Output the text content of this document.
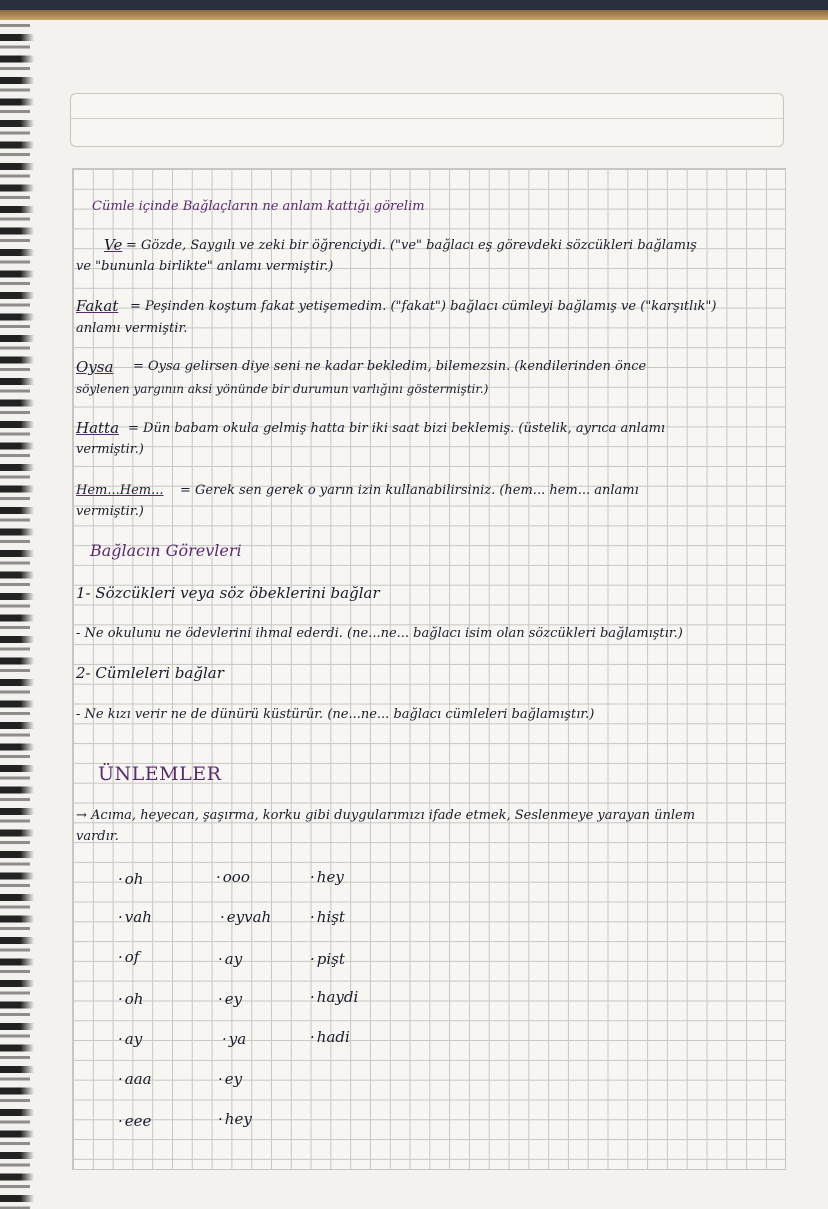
Cümle içinde Bağlaçların ne anlam kattığı görelim
Ve = Gözde, Saygılı ve zeki bir öğrenciydi. ("ve" bağlacı eş görevdeki sözcükleri bağlamış
ve "bununla birlikte" anlamı vermiştir.)
Fakat = Peşinden koştum fakat yetişemedim. ("fakat") bağlacı cümleyi bağlamış ve ("karşıtlık")
anlamı vermiştir.
Oysa = Oysa gelirsen diye seni ne kadar bekledim, bilemezsin. (kendilerinden önce
söylenen yargının aksi yönünde bir durumun varlığını göstermiştir.)
Hatta = Dün babam okula gelmiş hatta bir iki saat bizi beklemiş. (üstelik, ayrıca anlamı
vermiştir.)
Hem...Hem... = Gerek sen gerek o yarın izin kullanabilirsiniz. (hem... hem... anlamı
vermiştir.)
Bağlacın Görevleri
1- Sözcükleri veya söz öbeklerini bağlar
- Ne okulunu ne ödevlerini ihmal ederdi. (ne...ne... bağlacı isim olan sözcükleri bağlamıştır.)
2- Cümleleri bağlar
- Ne kızı verir ne de dünürü küstürür. (ne...ne... bağlacı cümleleri bağlamıştır.)
ÜNLEMLER
→ Acıma, heyecan, şaşırma, korku gibi duygularımızı ifade etmek, Seslenmeye yarayan ünlem
vardır.
· oh
· vah
· of
· oh
· ay
· aaa
· eee
· ooo
· eyvah
· ay
· ey
· ya
· ey
· hey
· hey
· hişt
· pişt
· haydi
· hadi
